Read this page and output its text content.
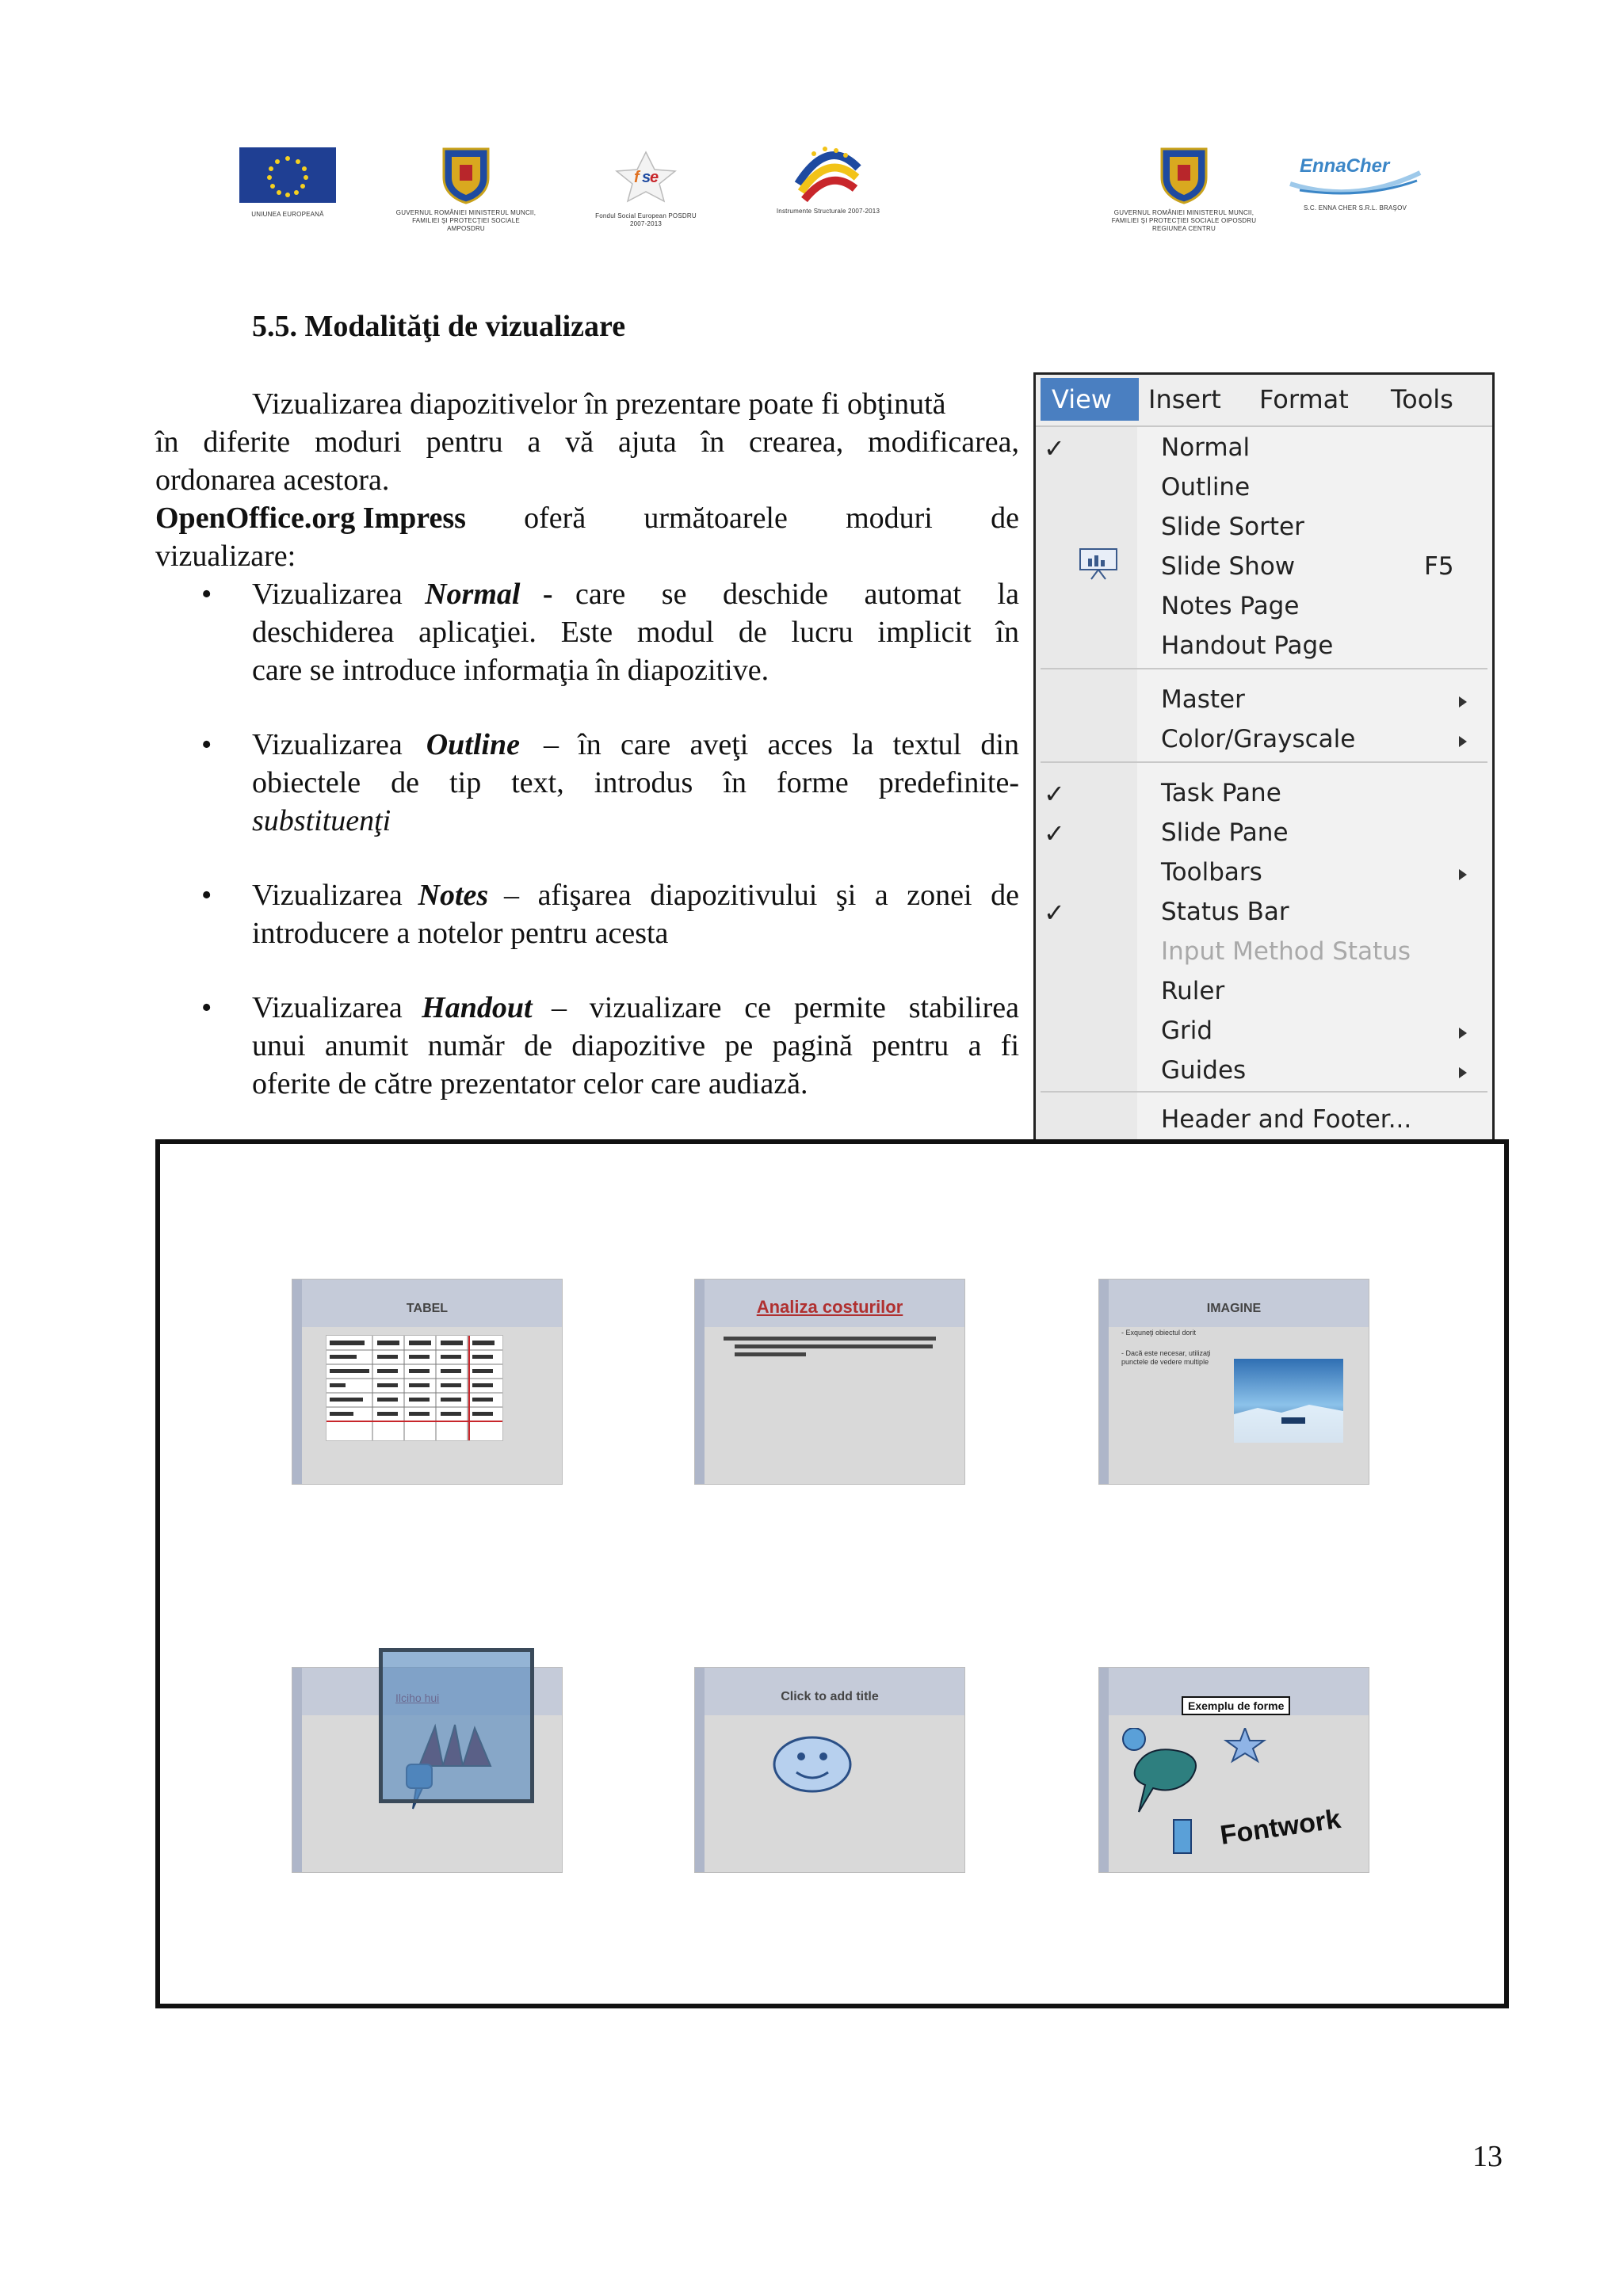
UNIUNEA EUROPEANĂ	GUVERNUL ROMÂNIEI MINISTERUL MUNCII, FAMILIEI ŞI PROTECŢIEI SOCIALE AMPOSDRU
f s
e
Fondul Social European POSDRU 2007-2013
Instrumente Structurale 2007-2013	GUVERNUL ROMÂNIEI MINISTERUL MUNCII, FAMILIEI ŞI PROTECŢIEI SOCIALE OIPOSDRU REGIUNEA CENTRU
EnnaCher
S.C. ENNA CHER S.R.L. BRAŞOV
5.5. Modalităţi de vizualizare
Vizualizarea diapozitivelor în prezentare poate fi obţinută
în diferite moduri pentru a vă ajuta în crearea, modificarea,
ordonarea acestora.
OpenOffice.org Impress oferă următoarele moduri de
vizualizare:
• Vizualizarea Normal - care se deschide automat la
deschiderea aplicaţiei. Este modul de lucru implicit în
care se introduce informaţia în diapozitive.
• Vizualizarea Outline – în care aveţi acces la textul din
obiectele de tip text, introdus în forme predefinite-
substituenţi
• Vizualizarea Notes – afişarea diapozitivului şi a zonei de
introducere a notelor pentru acesta
• Vizualizarea Handout – vizualizare ce permite stabilirea
unui anumit număr de diapozitive pe pagină pentru a fi
oferite de către prezentator celor care audiază.
View Insert Format Tools
✓	Normal
Outline
Slide Sorter
Slide Show	F5
Notes Page
Handout Page
Master
Color/Grayscale
✓	Task Pane
✓	Slide Pane
Toolbars
✓	Status Bar
Input Method Status
Ruler
Grid
Guides
Header and Footer...
TABEL	Analiza costurilor	IMAGINE
- Exquneţi obiectul dorit
- Dacă este necesar, utilizaţi punctele de vedere multiple
Click to add title
Exemplu de forme
Fontwork
13
